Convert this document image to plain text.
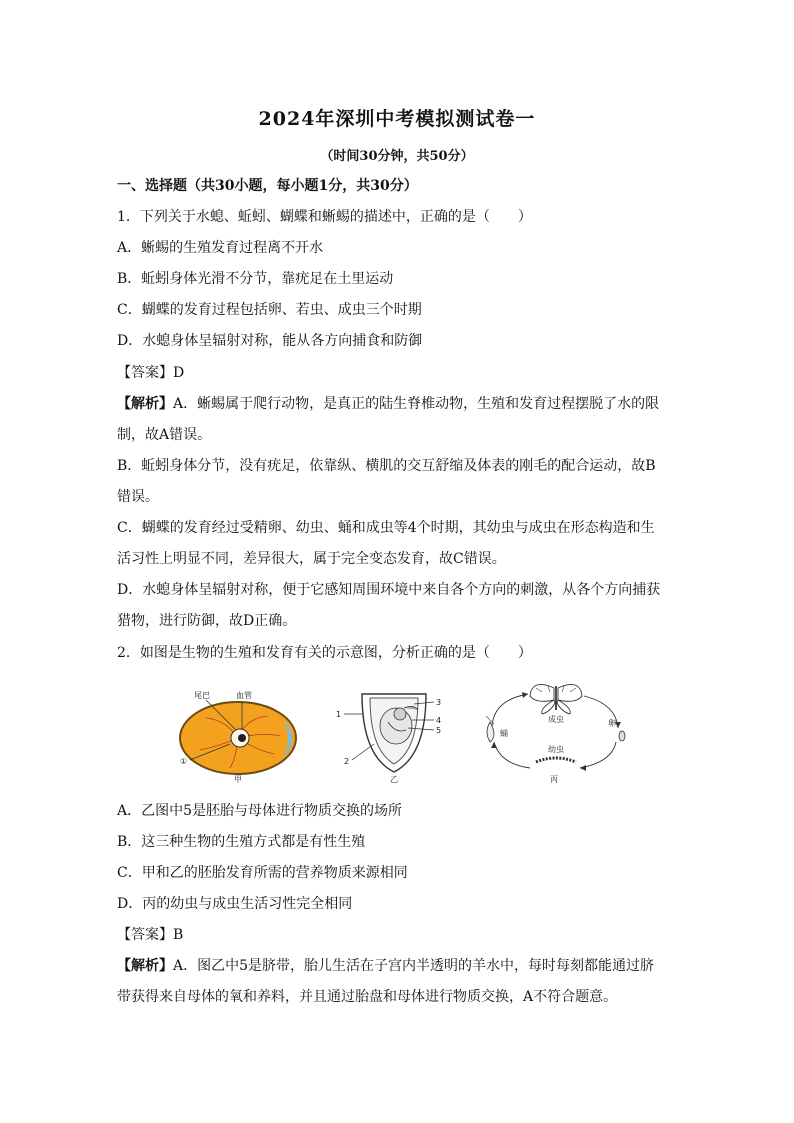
2024年深圳中考模拟测试卷一
（时间30分钟，共50分）
一、选择题（共30小题，每小题1分，共30分）
1．下列关于水螅、蚯蚓、蝴蝶和蜥蜴的描述中，正确的是（　　）
A．蜥蜴的生殖发育过程离不开水
B．蚯蚓身体光滑不分节，靠疣足在土里运动
C．蝴蝶的发育过程包括卵、若虫、成虫三个时期
D．水螅身体呈辐射对称，能从各方向捕食和防御
【答案】D
【解析】A．蜥蜴属于爬行动物，是真正的陆生脊椎动物，生殖和发育过程摆脱了水的限
制，故A错误。
B．蚯蚓身体分节，没有疣足，依靠纵、横肌的交互舒缩及体表的刚毛的配合运动，故B
错误。
C．蝴蝶的发育经过受精卵、幼虫、蛹和成虫等4个时期，其幼虫与成虫在形态构造和生
活习性上明显不同，差异很大，属于完全变态发育，故C错误。
D．水螅身体呈辐射对称，便于它感知周围环境中来自各个方向的刺激，从各个方向捕获
猎物，进行防御，故D正确。
2．如图是生物的生殖和发育有关的示意图，分析正确的是（　　）
尾巴	血管
①
甲
1
2
3
4
5
乙
成虫	卵
幼虫
蛹
丙
A．乙图中5是胚胎与母体进行物质交换的场所
B．这三种生物的生殖方式都是有性生殖
C．甲和乙的胚胎发育所需的营养物质来源相同
D．丙的幼虫与成虫生活习性完全相同
【答案】B
【解析】A．图乙中5是脐带，胎儿生活在子宫内半透明的羊水中，每时每刻都能通过脐
带获得来自母体的氧和养料，并且通过胎盘和母体进行物质交换，A不符合题意。
